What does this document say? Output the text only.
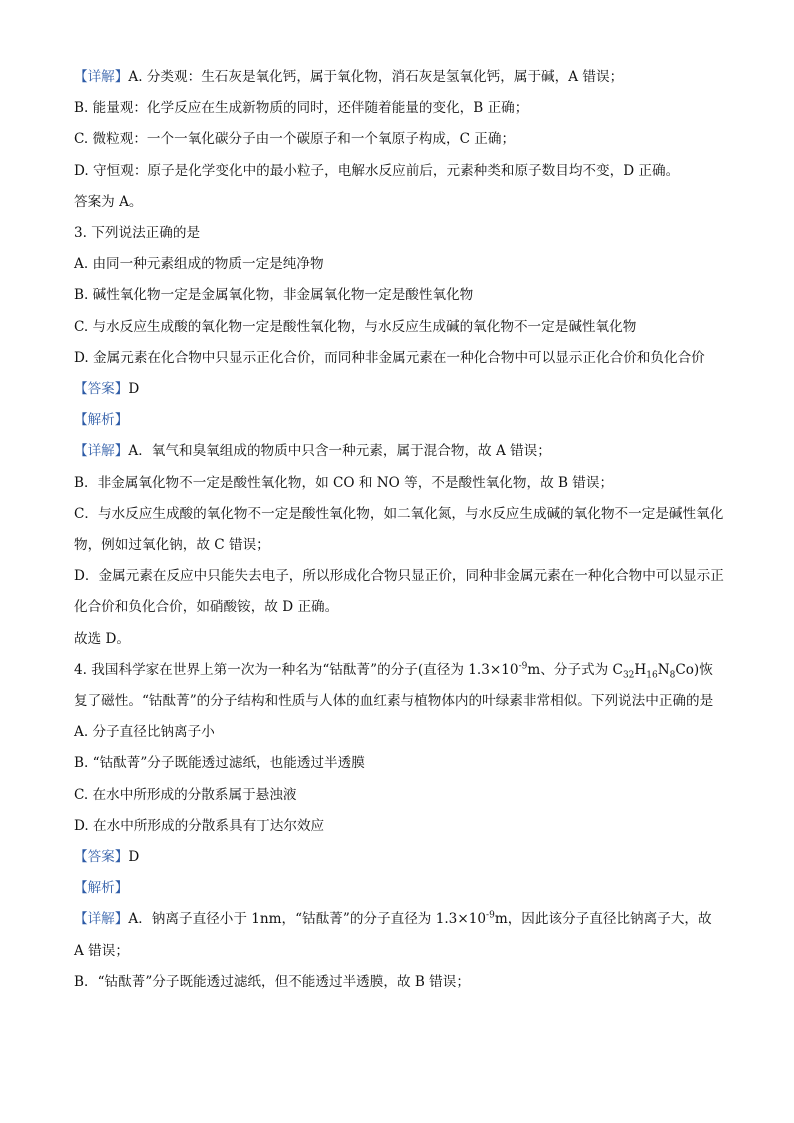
【详解】A. 分类观：生石灰是氧化钙，属于氧化物，消石灰是氢氧化钙，属于碱，A 错误；

B. 能量观：化学反应在生成新物质的同时，还伴随着能量的变化，B 正确；

C. 微粒观：一个一氧化碳分子由一个碳原子和一个氧原子构成，C 正确；

D. 守恒观：原子是化学变化中的最小粒子，电解水反应前后，元素种类和原子数目均不变，D 正确。

答案为 A。

3. 下列说法正确的是

A. 由同一种元素组成的物质一定是纯净物

B. 碱性氧化物一定是金属氧化物，非金属氧化物一定是酸性氧化物

C. 与水反应生成酸的氧化物一定是酸性氧化物，与水反应生成碱的氧化物不一定是碱性氧化物

D. 金属元素在化合物中只显示正化合价，而同种非金属元素在一种化合物中可以显示正化合价和负化合价

【答案】D

【解析】

【详解】A．氧气和臭氧组成的物质中只含一种元素，属于混合物，故 A 错误；

B．非金属氧化物不一定是酸性氧化物，如 CO 和 NO 等，不是酸性氧化物，故 B 错误；

C．与水反应生成酸的氧化物不一定是酸性氧化物，如二氧化氮，与水反应生成碱的氧化物不一定是碱性氧化物，例如过氧化钠，故 C 错误；

D．金属元素在反应中只能失去电子，所以形成化合物只显正价，同种非金属元素在一种化合物中可以显示正化合价和负化合价，如硝酸铵，故 D 正确。

故选 D。

4. 我国科学家在世界上第一次为一种名为“钴酞菁”的分子(直径为 $1.3\times 10^{-9}m$、分子式为 $C_{32}H_{16}N_8Co$)恢复了磁性。“钴酞菁”的分子结构和性质与人体的血红素与植物体内的叶绿素非常相似。下列说法中正确的是

A. 分子直径比钠离子小

B. “钴酞菁”分子既能透过滤纸，也能透过半透膜

C. 在水中所形成的分散系属于悬浊液

D. 在水中所形成的分散系具有丁达尔效应

【答案】D

【解析】

【详解】A．钠离子直径小于 1nm，“钴酞菁”的分子直径为 $1.3\times 10^{-9}m$，因此该分子直径比钠离子大，故 A 错误；

B．“钴酞菁”分子既能透过滤纸，但不能透过半透膜，故 B 错误；
